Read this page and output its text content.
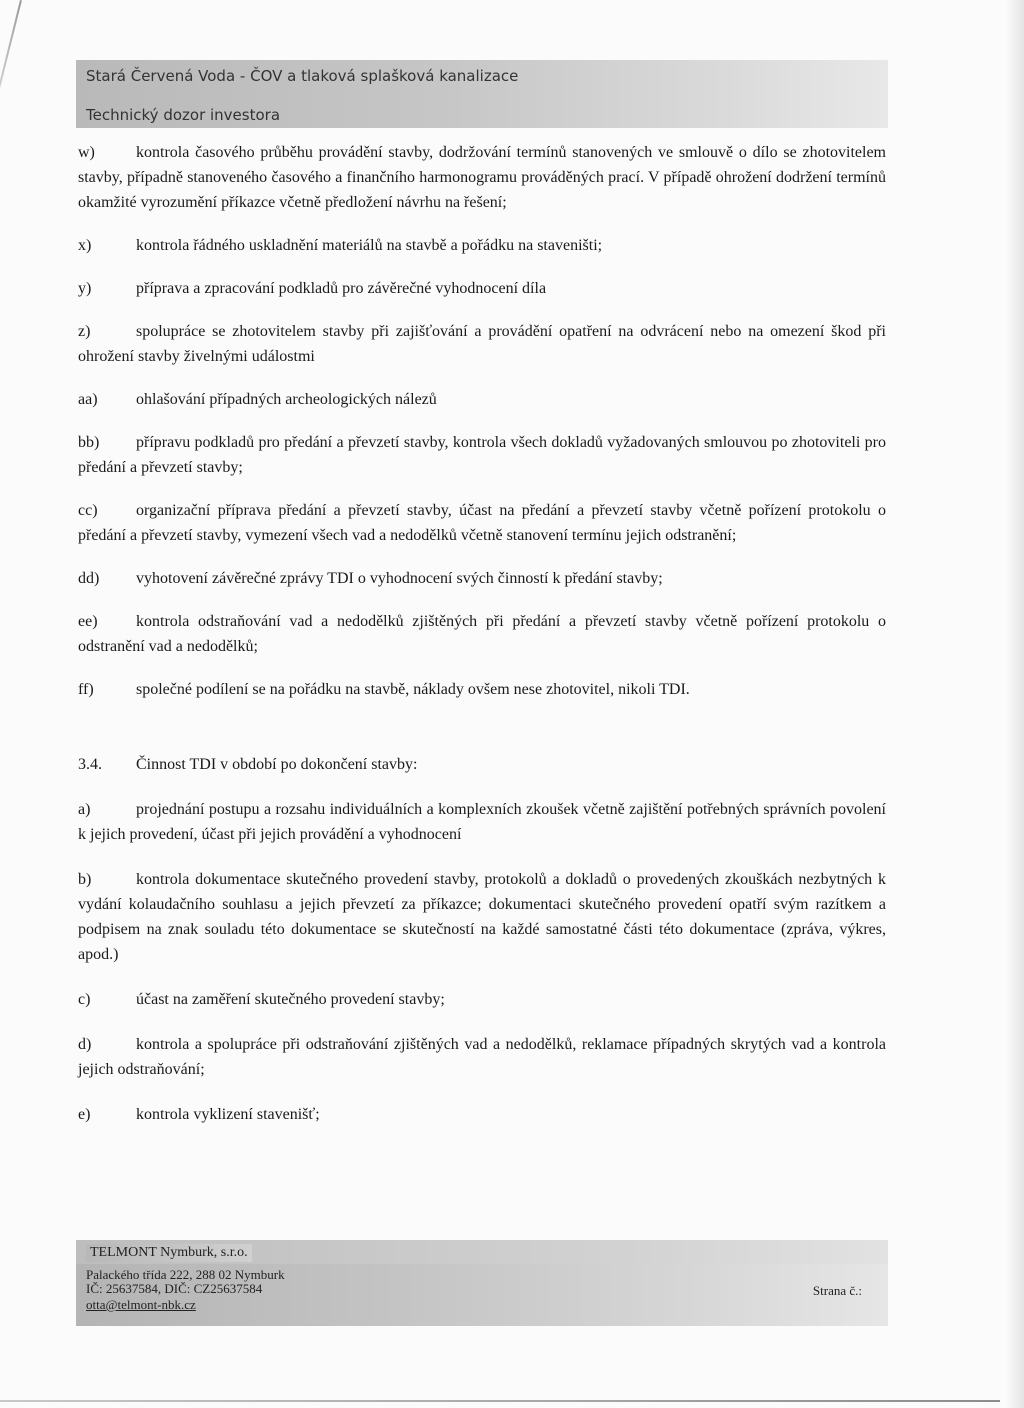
Stará Červená Voda - ČOV a tlaková splašková kanalizace
Technický dozor investora

w)	kontrola časového průběhu provádění stavby, dodržování termínů stanovených ve smlouvě o dílo se zhotovitelem stavby, případně stanoveného časového a finančního harmonogramu prováděných prací. V případě ohrožení dodržení termínů okamžité vyrozumění příkazce včetně předložení návrhu na řešení;

x)	kontrola řádného uskladnění materiálů na stavbě a pořádku na staveništi;

y)	příprava a zpracování podkladů pro závěrečné vyhodnocení díla

z)	spolupráce se zhotovitelem stavby při zajišťování a provádění opatření na odvrácení nebo na omezení škod při ohrožení stavby živelnými událostmi

aa) ohlašování případných archeologických nálezů

bb) přípravu podkladů pro předání a převzetí stavby, kontrola všech dokladů vyžadovaných smlouvou po zhotoviteli pro předání a převzetí stavby;

cc) organizační příprava předání a převzetí stavby, účast na předání a převzetí stavby včetně pořízení protokolu o předání a převzetí stavby, vymezení všech vad a nedodělků včetně stanovení termínu jejich odstranění;

dd) vyhotovení závěrečné zprávy TDI o vyhodnocení svých činností k předání stavby;

ee) kontrola odstraňování vad a nedodělků zjištěných při předání a převzetí stavby včetně pořízení protokolu o odstranění vad a nedodělků;

ff)	společné podílení se na pořádku na stavbě, náklady ovšem nese zhotovitel, nikoli TDI.

3.4. Činnost TDI v období po dokončení stavby:

a)	projednání postupu a rozsahu individuálních a komplexních zkoušek včetně zajištění potřebných správních povolení k jejich provedení, účast při jejich provádění a vyhodnocení

b)	kontrola dokumentace skutečného provedení stavby, protokolů a dokladů o provedených zkouškách nezbytných k vydání kolaudačního souhlasu a jejich převzetí za příkazce; dokumentaci skutečného provedení opatří svým razítkem a podpisem na znak souladu této dokumentace se skutečností na každé samostatné části této dokumentace (zpráva, výkres, apod.)

c)	účast na zaměření skutečného provedení stavby;

d)	kontrola a spolupráce při odstraňování zjištěných vad a nedodělků, reklamace případných skrytých vad a kontrola jejich odstraňování;

e)	kontrola vyklizení stavenišť;

TELMONT Nymburk, s.r.o.
Palackého třída 222, 288 02 Nymburk
IČ: 25637584, DIČ: CZ25637584
otta@telmont-nbk.cz
Strana č.:
